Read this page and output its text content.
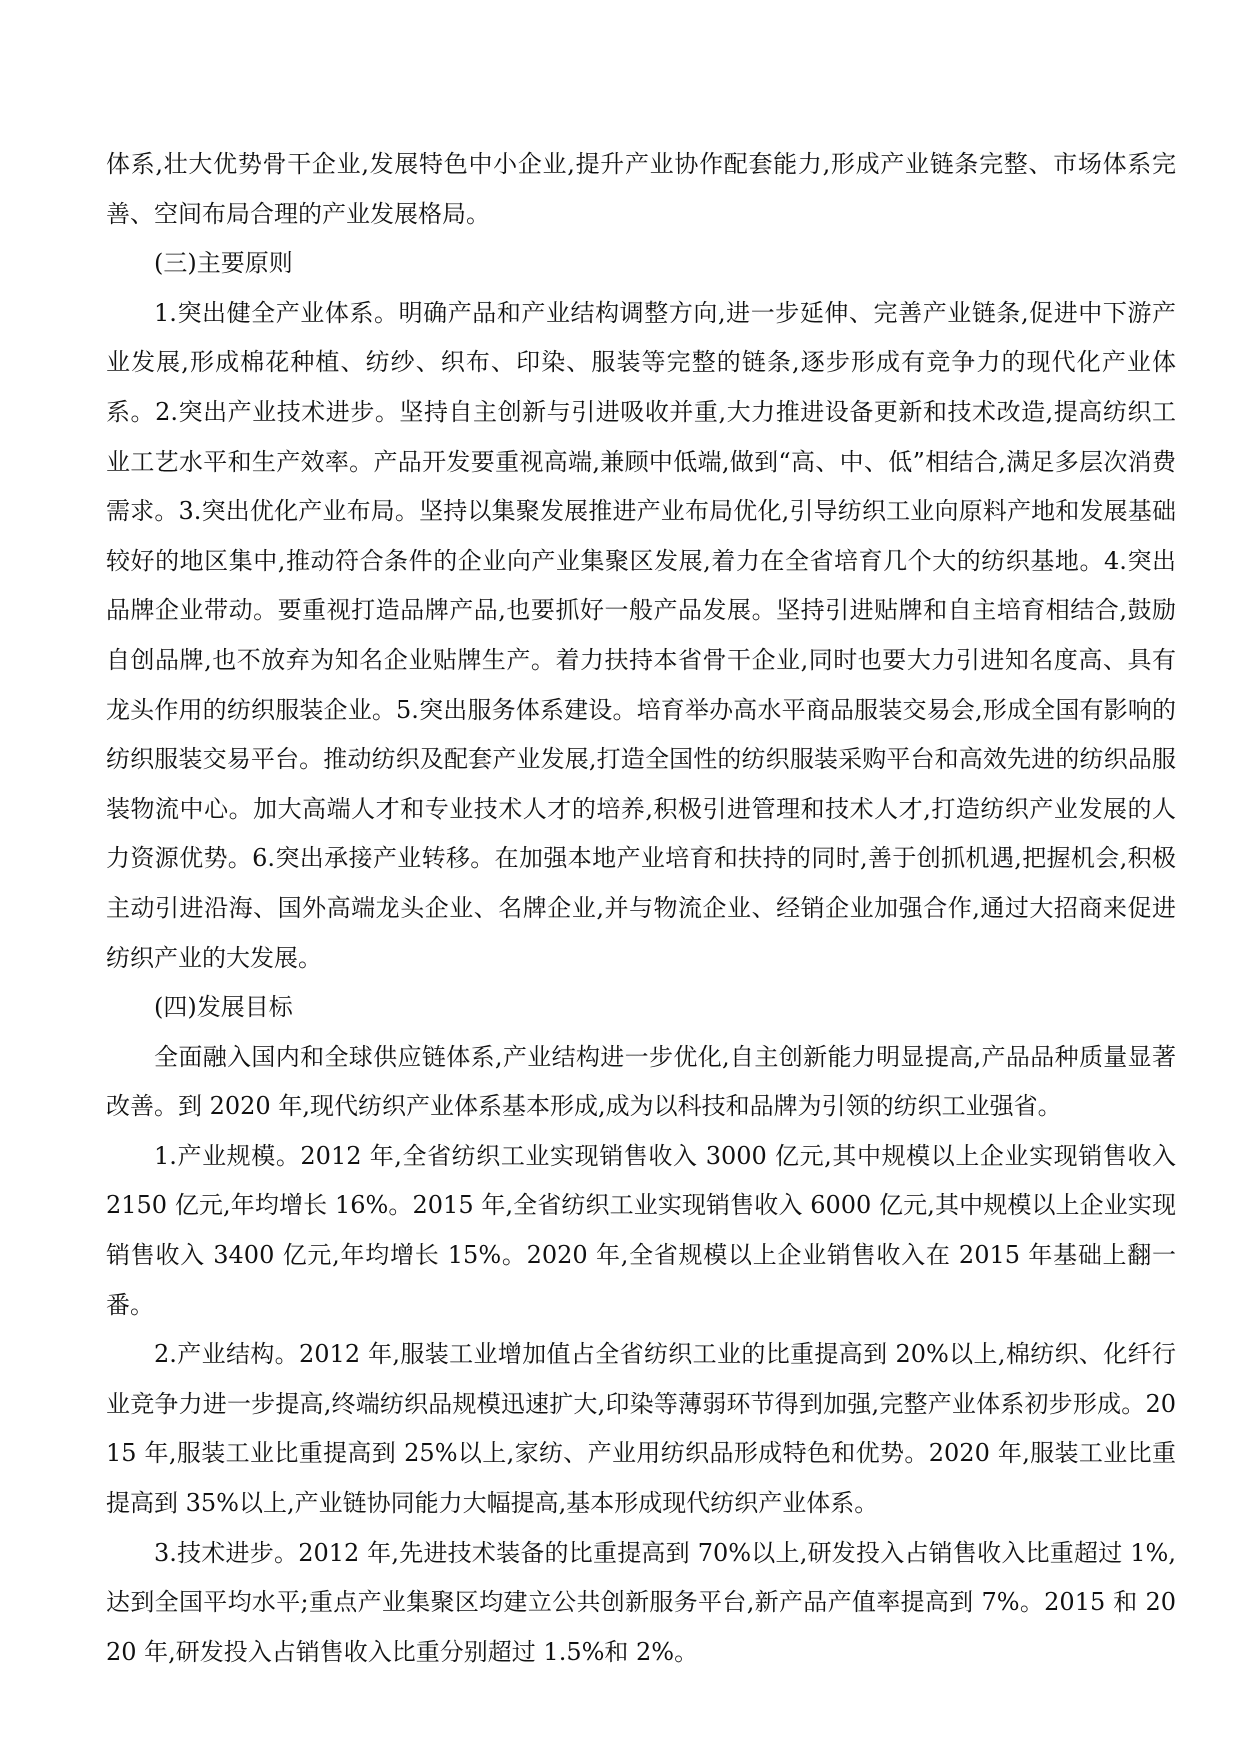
体系,壮大优势骨干企业,发展特色中小企业,提升产业协作配套能力,形成产业链条完整、市场体系完善、空间布局合理的产业发展格局。

(三)主要原则

1.突出健全产业体系。明确产品和产业结构调整方向,进一步延伸、完善产业链条,促进中下游产业发展,形成棉花种植、纺纱、织布、印染、服装等完整的链条,逐步形成有竞争力的现代化产业体系。2.突出产业技术进步。坚持自主创新与引进吸收并重,大力推进设备更新和技术改造,提高纺织工业工艺水平和生产效率。产品开发要重视高端,兼顾中低端,做到“高、中、低”相结合,满足多层次消费需求。3.突出优化产业布局。坚持以集聚发展推进产业布局优化,引导纺织工业向原料产地和发展基础较好的地区集中,推动符合条件的企业向产业集聚区发展,着力在全省培育几个大的纺织基地。4.突出品牌企业带动。要重视打造品牌产品,也要抓好一般产品发展。坚持引进贴牌和自主培育相结合,鼓励自创品牌,也不放弃为知名企业贴牌生产。着力扶持本省骨干企业,同时也要大力引进知名度高、具有龙头作用的纺织服装企业。5.突出服务体系建设。培育举办高水平商品服装交易会,形成全国有影响的纺织服装交易平台。推动纺织及配套产业发展,打造全国性的纺织服装采购平台和高效先进的纺织品服装物流中心。加大高端人才和专业技术人才的培养,积极引进管理和技术人才,打造纺织产业发展的人力资源优势。6.突出承接产业转移。在加强本地产业培育和扶持的同时,善于创抓机遇,把握机会,积极主动引进沿海、国外高端龙头企业、名牌企业,并与物流企业、经销企业加强合作,通过大招商来促进纺织产业的大发展。

(四)发展目标

全面融入国内和全球供应链体系,产业结构进一步优化,自主创新能力明显提高,产品品种质量显著改善。到 2020 年,现代纺织产业体系基本形成,成为以科技和品牌为引领的纺织工业强省。

1.产业规模。2012 年,全省纺织工业实现销售收入 3000 亿元,其中规模以上企业实现销售收入 2150 亿元,年均增长 16%。2015 年,全省纺织工业实现销售收入 6000 亿元,其中规模以上企业实现销售收入 3400 亿元,年均增长 15%。2020 年,全省规模以上企业销售收入在 2015 年基础上翻一番。

2.产业结构。2012 年,服装工业增加值占全省纺织工业的比重提高到 20%以上,棉纺织、化纤行业竞争力进一步提高,终端纺织品规模迅速扩大,印染等薄弱环节得到加强,完整产业体系初步形成。2015 年,服装工业比重提高到 25%以上,家纺、产业用纺织品形成特色和优势。2020 年,服装工业比重提高到 35%以上,产业链协同能力大幅提高,基本形成现代纺织产业体系。

3.技术进步。2012 年,先进技术装备的比重提高到 70%以上,研发投入占销售收入比重超过 1%,达到全国平均水平;重点产业集聚区均建立公共创新服务平台,新产品产值率提高到 7%。2015 和 2020 年,研发投入占销售收入比重分别超过 1.5%和 2%。
